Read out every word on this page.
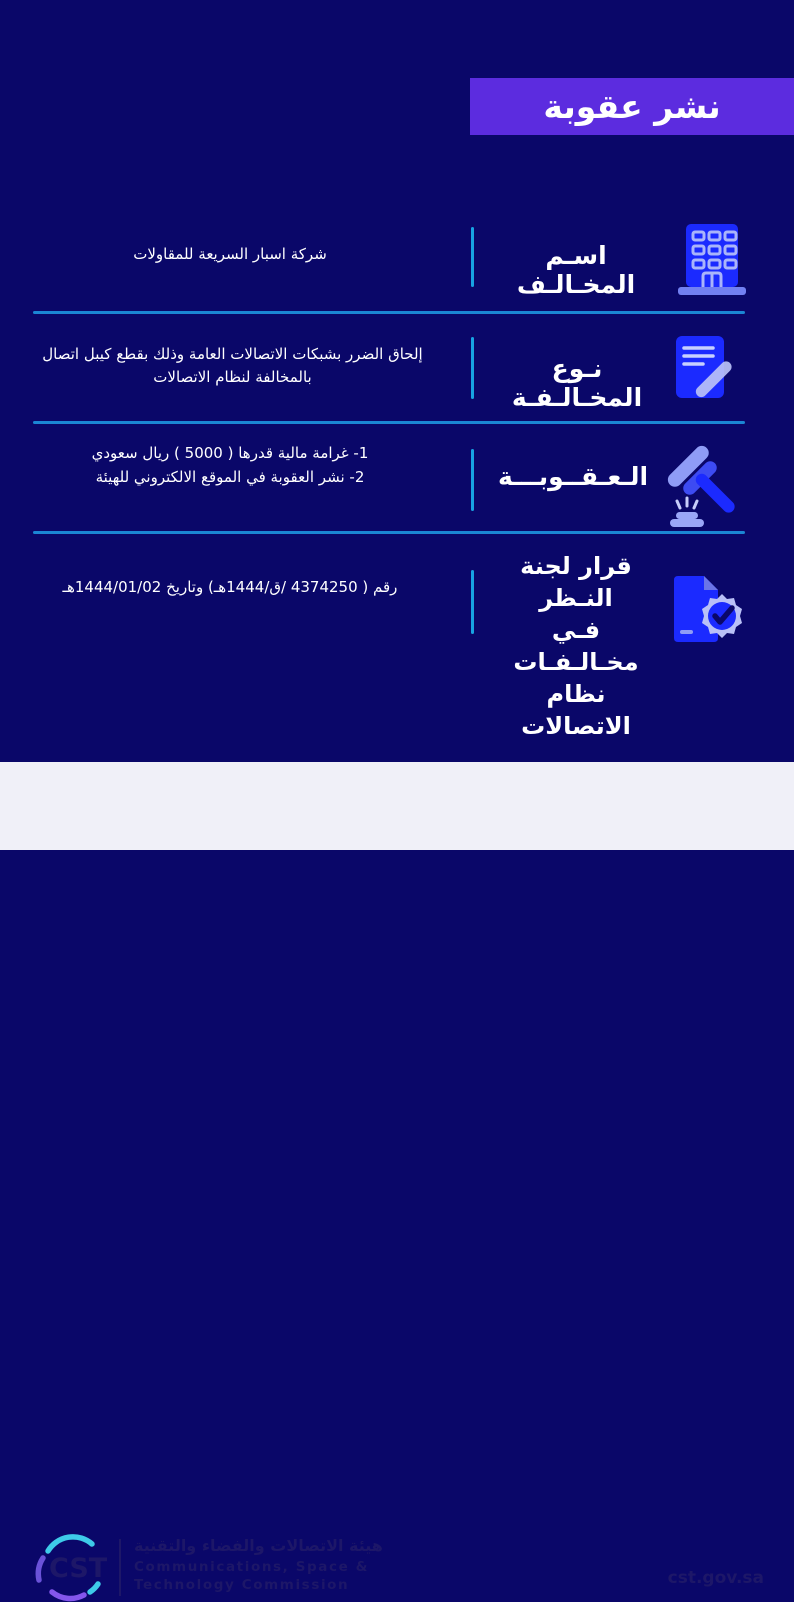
نشر عقوبة
اسـم المخـالـف
شركة اسبار السريعة للمقاولات
نـوع المخـالـفـة
إلحاق الضرر بشبكات الاتصالات العامة وذلك بقطع كيبل اتصال بالمخالفة لنظام الاتصالات
الـعـقــوبـــة
1- غرامة مالية قدرها ( 5000 ) ريال سعودي
2- نشر العقوبة في الموقع الالكتروني للهيئة
قرار لجنة النـظر
فـي مخـالـفـات
نظام الاتصالات
رقم ( 4374250 /ق/1444هـ) وتاريخ 1444/01/02هـ
CST
هيئة الاتصالات والفضاء والتقنية
Communications, Space &
Technology Commission	cst.gov.sa
